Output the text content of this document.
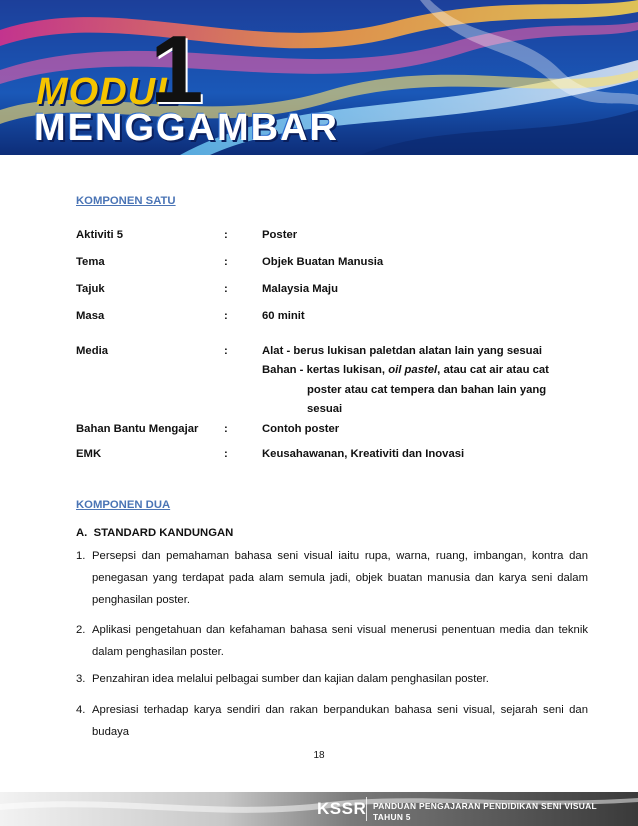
MODUL
1
MENGGAMBAR
KOMPONEN SATU
Aktiviti 5	:	Poster
Tema	:	Objek Buatan Manusia
Tajuk	:	Malaysia Maju
Masa	:	60 minit
Media	:	Alat - berus lukisan paletdan alatan lain yang sesuai
Bahan - kertas lukisan, oil pastel, atau cat air atau cat
poster atau cat tempera dan bahan lain yang
sesuai
Bahan Bantu Mengajar :	Contoh poster
EMK	:	Keusahawanan, Kreativiti dan Inovasi
KOMPONEN DUA
A.  STANDARD KANDUNGAN
1. Persepsi dan pemahaman bahasa seni visual iaitu rupa, warna, ruang, imbangan, kontra dan penegasan yang terdapat pada alam semula jadi, objek buatan manusia dan karya seni dalam penghasilan poster.
2. Aplikasi pengetahuan dan kefahaman bahasa seni visual menerusi penentuan media dan teknik dalam penghasilan poster.
3. Penzahiran idea melalui pelbagai sumber dan kajian dalam penghasilan poster.
4. Apresiasi terhadap karya sendiri dan rakan berpandukan bahasa seni visual, sejarah seni dan budaya
18
KSSR PANDUAN PENGAJARAN PENDIDIKAN SENI VISUAL
TAHUN 5
